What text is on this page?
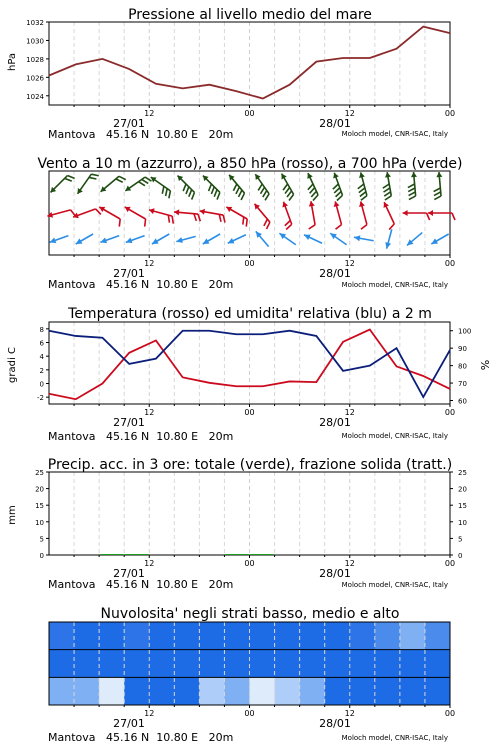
Pressione al livello medio del mare
hPa
12	00	12	00
27/01	28/01
1024
1026
1028
1030
1032
Mantova   45.16 N  10.80 E   20m	Moloch model, CNR-ISAC, Italy
Vento a 10 m (azzurro), a 850 hPa (rosso), a 700 hPa (verde)
12	00	12	00
27/01	28/01
Mantova   45.16 N  10.80 E   20m	Moloch model, CNR-ISAC, Italy
Temperatura (rosso) ed umidita' relativa (blu) a 2 m
gradi C	%
12	00	12	00
27/01	28/01
-2
0
2
4
6
8
60
70
80
90
100
Mantova   45.16 N  10.80 E   20m	Moloch model, CNR-ISAC, Italy
Precip. acc. in 3 ore: totale (verde), frazione solida (tratt.)
mm
12	00	12	00
27/01	28/01
0
5
10
15
20
25
0
5
10
15
20
25
Mantova   45.16 N  10.80 E   20m	Moloch model, CNR-ISAC, Italy
Nuvolosita' negli strati basso, medio e alto
12	00	12	00
27/01	28/01
Mantova   45.16 N  10.80 E   20m	Moloch model, CNR-ISAC, Italy
